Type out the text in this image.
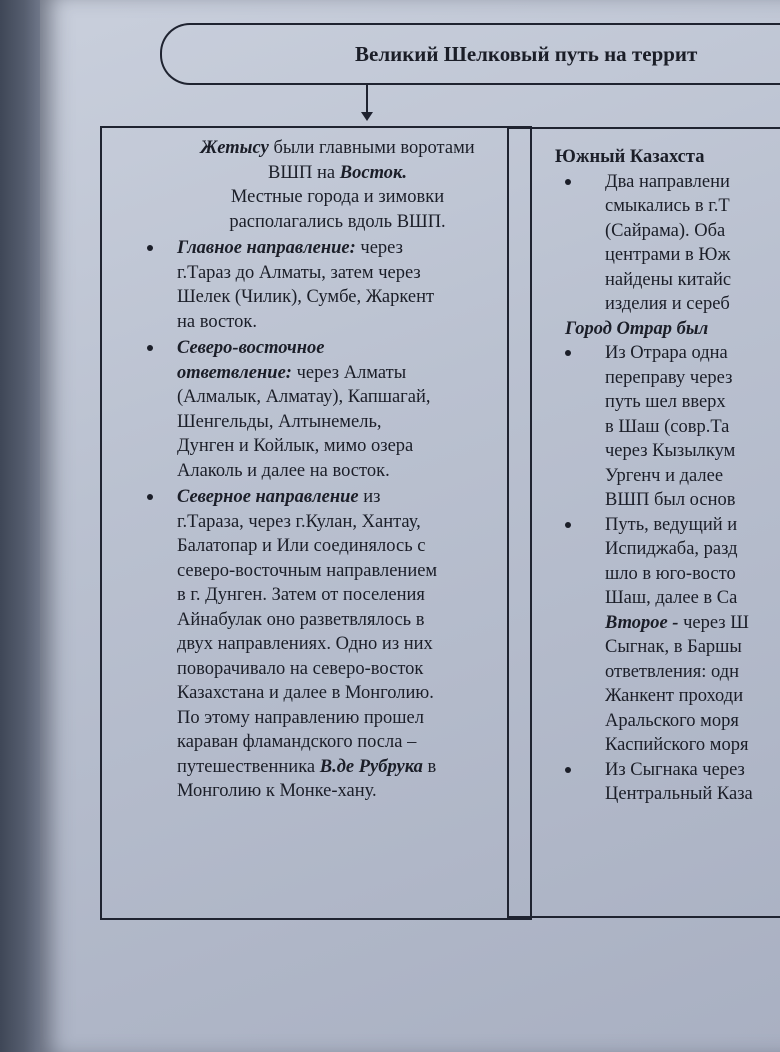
Великий Шелковый путь на террит
Жетысу были главными воротами
ВШП на Восток.
Местные города и зимовки
располагались вдоль ВШП.
Главное направление: через
г.Тараз до Алматы, затем через
Шелек (Чилик), Сумбе, Жаркент
на восток.
Северо-восточное
ответвление: через Алматы
(Алмалык, Алматау), Капшагай,
Шенгельды, Алтынемель,
Дунген и Койлык, мимо озера
Алаколь и далее на восток.
Северное направление из
г.Тараза, через г.Кулан, Хантау,
Балатопар и Или соединялось с
северо-восточным направлением
в г. Дунген. Затем от поселения
Айнабулак оно разветвлялось в
двух направлениях. Одно из них
поворачивало на северо-восток
Казахстана и далее в Монголию.
По этому направлению прошел
караван фламандского посла –
путешественника В.де Рубрука в
Монголию к Монке-хану.
Южный Казахста
Два направлени
смыкались в г.Т
(Сайрама). Оба
центрами в Юж
найдены китайс
изделия и сереб
Город Отрар был
Из Отрара одна
переправу через
путь шел вверх
в Шаш (совр.Та
через Кызылкум
Ургенч и далее
ВШП был основ
Путь, ведущий и
Испиджаба, разд
шло в юго-восто
Шаш, далее в Са
Второе - через Ш
Сыгнак, в Баршы
ответвления: одн
Жанкент проходи
Аральского моря
Каспийского моря
Из Сыгнака через
Центральный Каза
